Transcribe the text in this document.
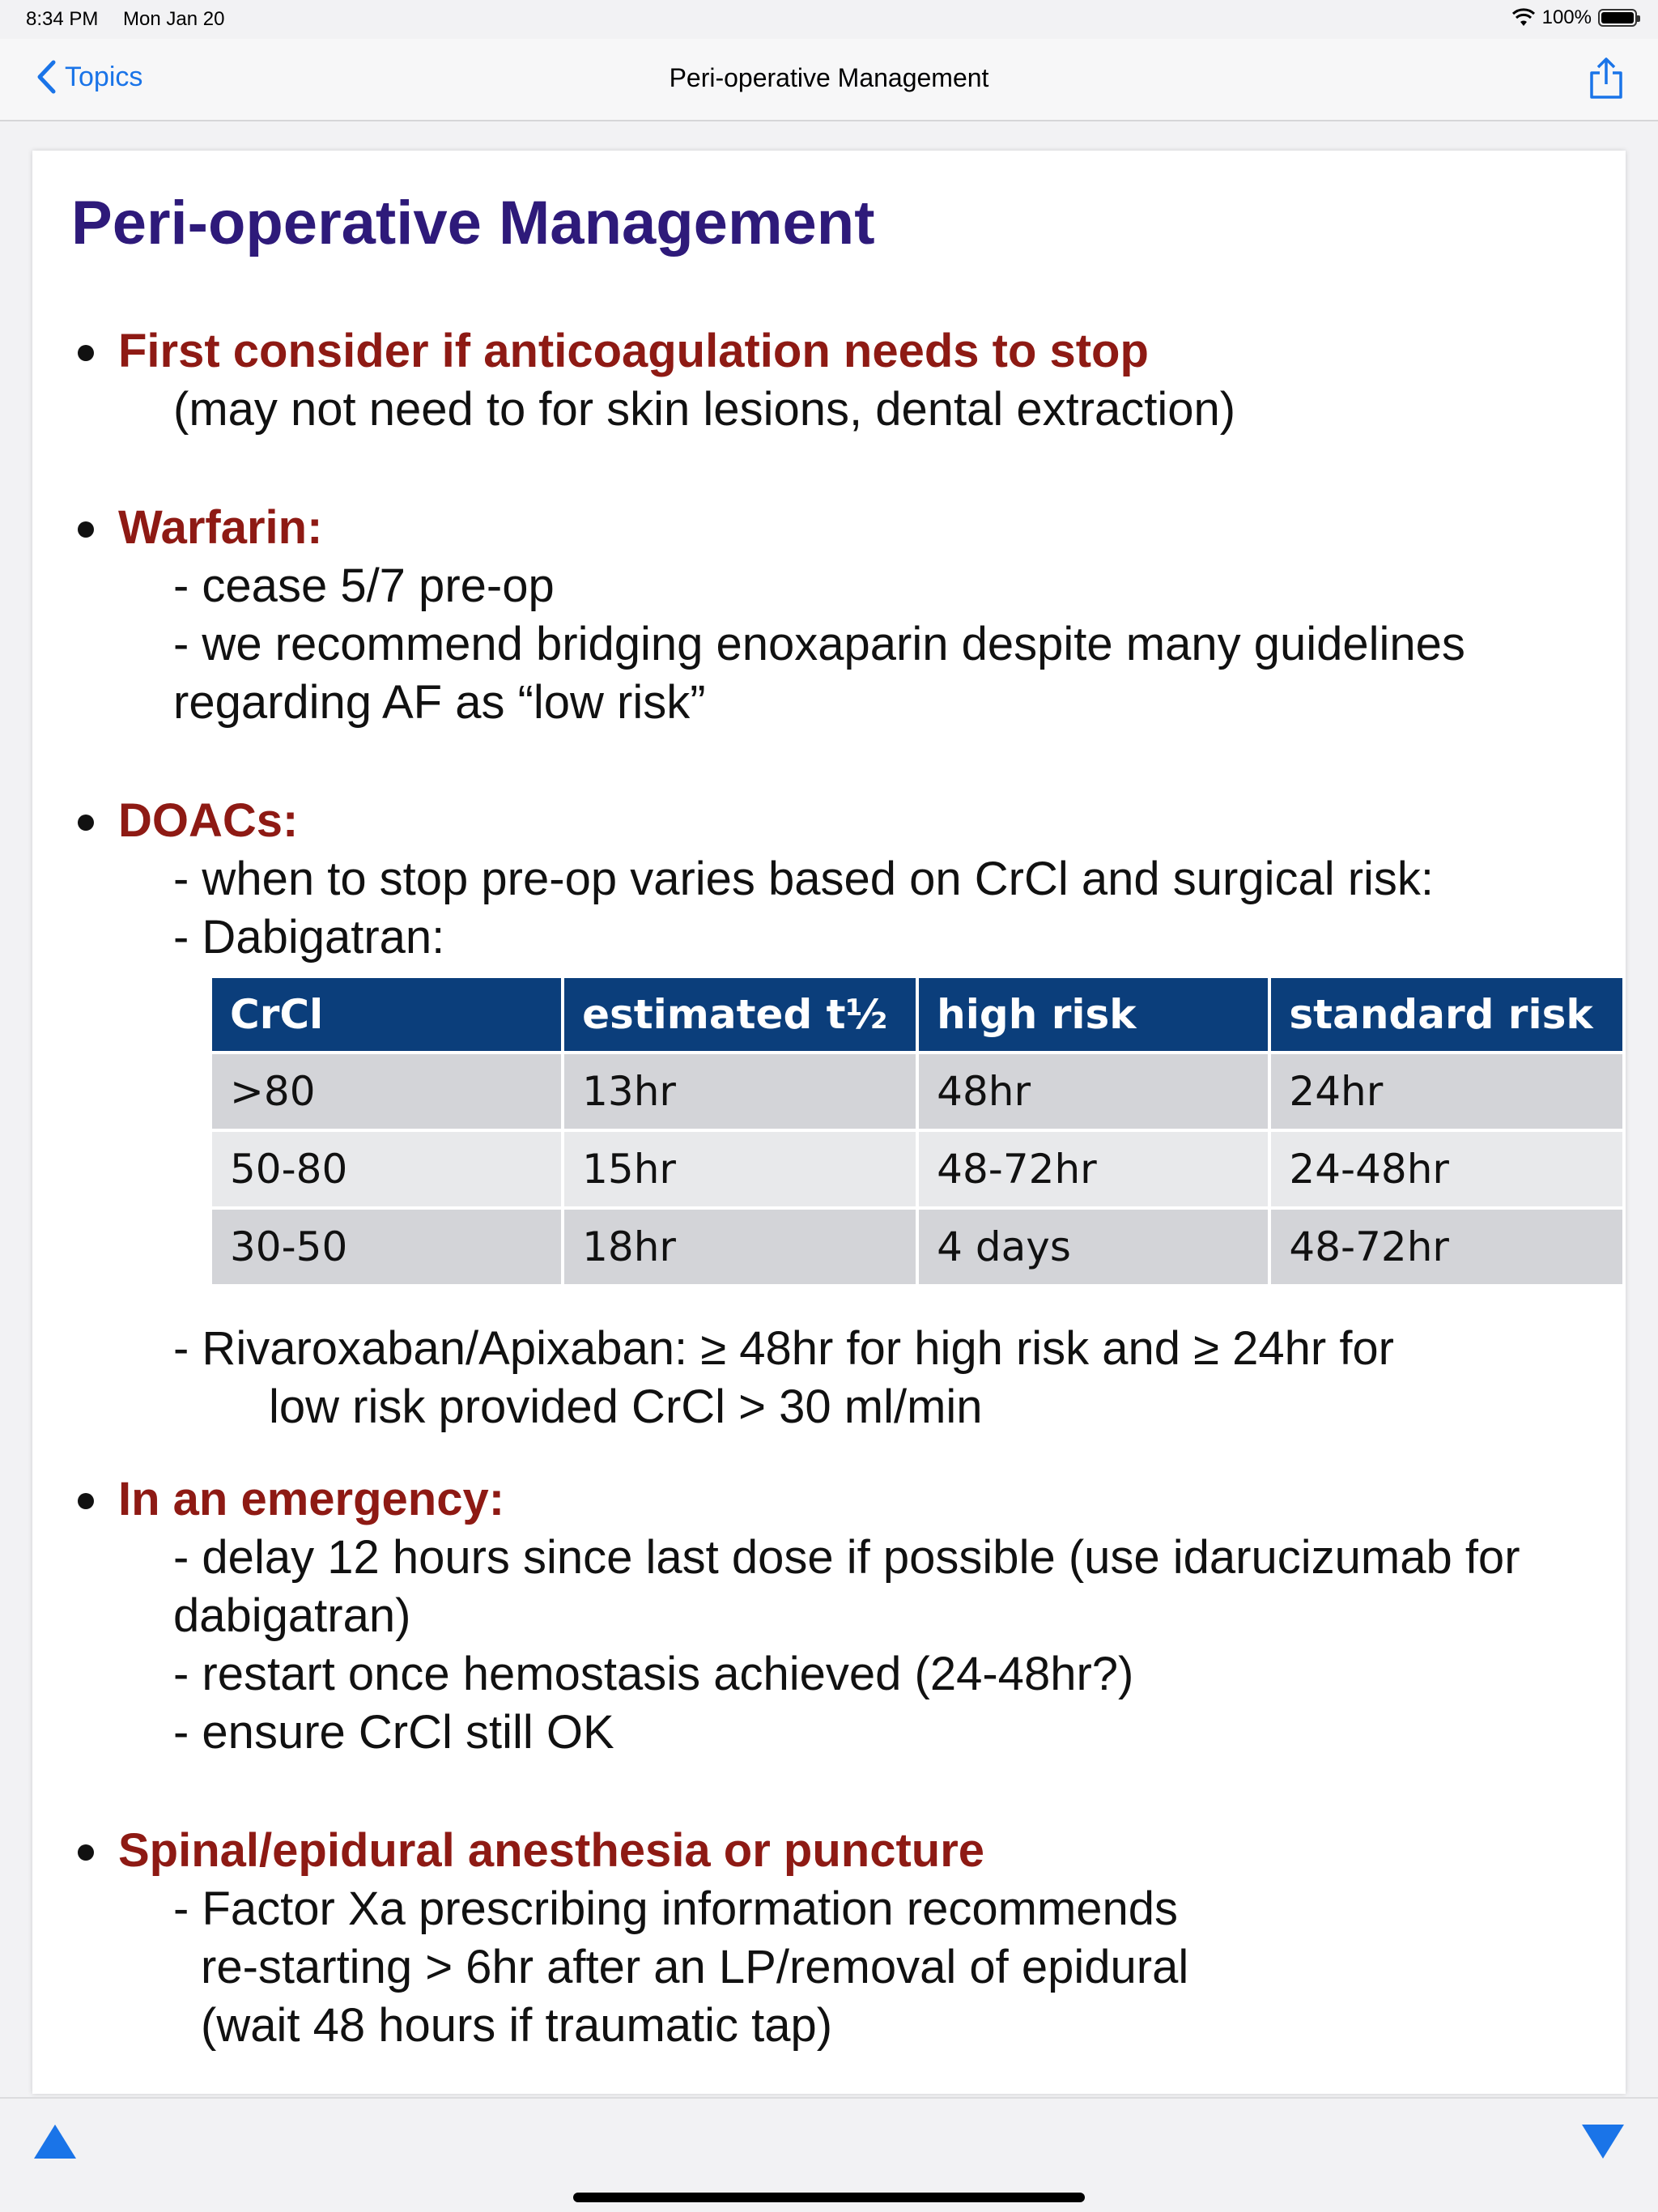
8:34 PM Mon Jan 20	100%
Topics	Peri-operative Management
Peri-operative Management
First consider if anticoagulation needs to stop

(may not need to for skin lesions, dental extraction)

Warfarin:

- cease 5/7 pre-op

- we recommend bridging enoxaparin despite many guidelines

regarding AF as “low risk”

DOACs:

- when to stop pre-op varies based on CrCl and surgical risk:

- Dabigatran:

CrCl	estimated t½	high risk	standard risk
>80	13hr	48hr	24hr
50-80	15hr	48-72hr	24-48hr
30-50	18hr	4 days	48-72hr

- Rivaroxaban/Apixaban: ≥ 48hr for high risk and ≥ 24hr for

low risk provided CrCl > 30 ml/min

In an emergency:

- delay 12 hours since last dose if possible (use idarucizumab for

dabigatran)

- restart once hemostasis achieved (24-48hr?)

- ensure CrCl still OK

Spinal/epidural anesthesia or puncture

- Factor Xa prescribing information recommends

re-starting > 6hr after an LP/removal of epidural

(wait 48 hours if traumatic tap)
